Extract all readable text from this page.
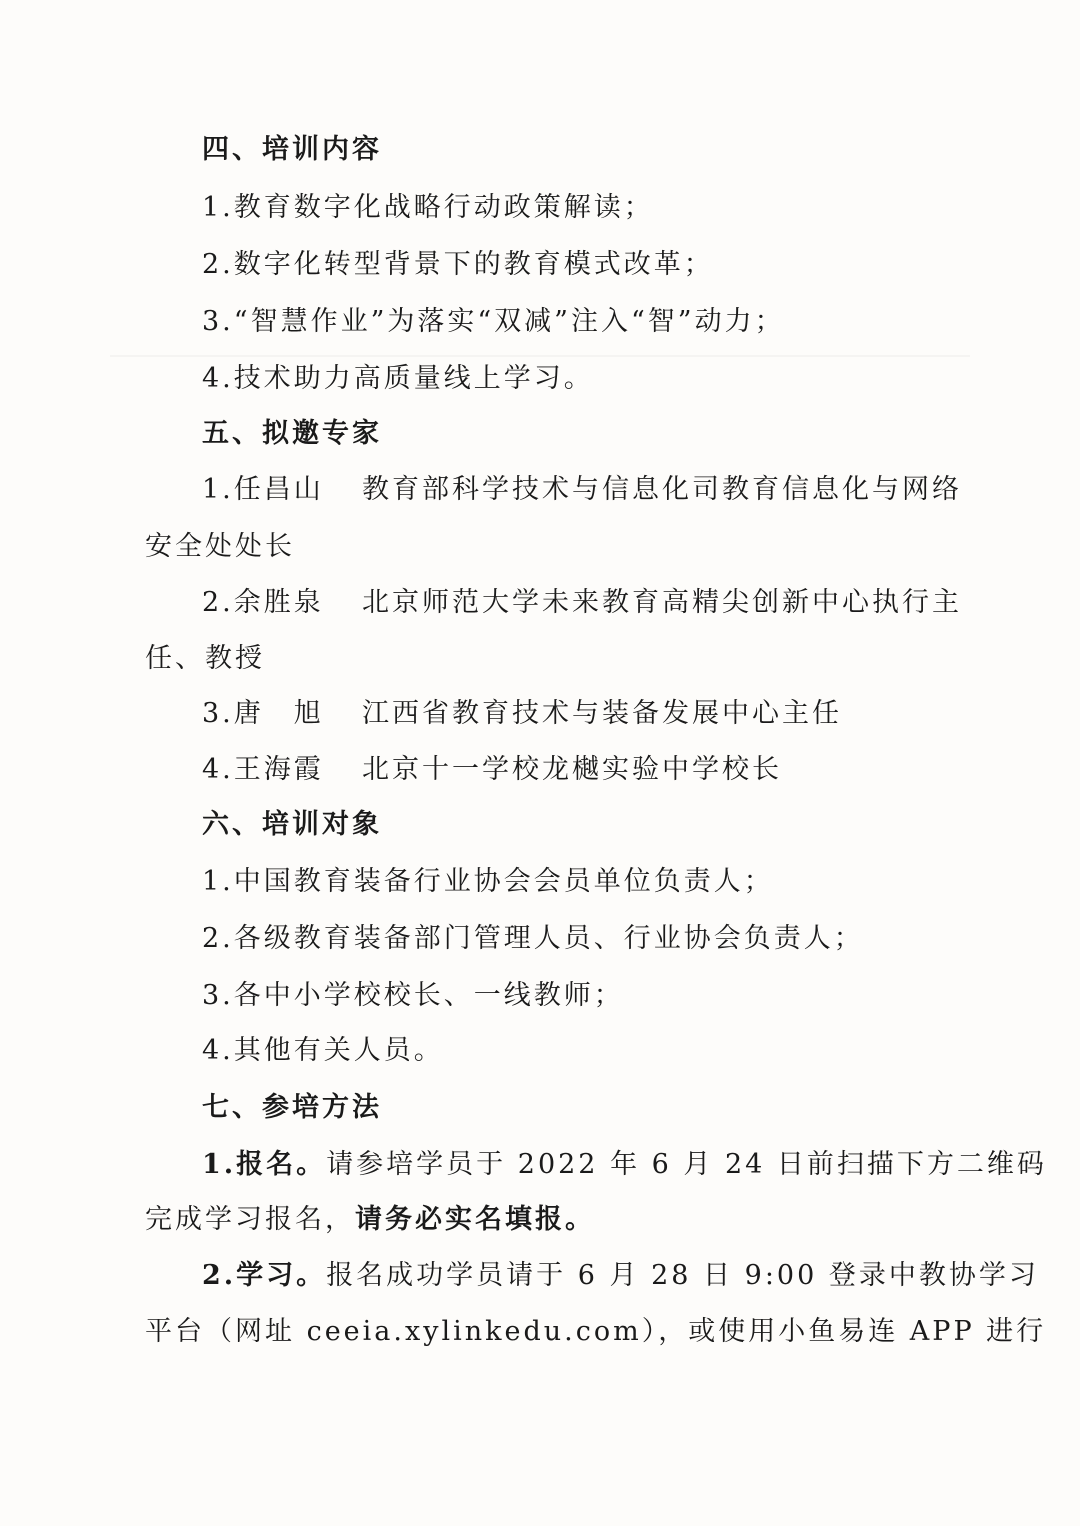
四、培训内容
1.教育数字化战略行动政策解读；
2.数字化转型背景下的教育模式改革；
3.“智慧作业”为落实“双减”注入“智”动力；
4.技术助力高质量线上学习。
五、拟邀专家
1.任昌山 教育部科学技术与信息化司教育信息化与网络
安全处处长
2.余胜泉 北京师范大学未来教育高精尖创新中心执行主
任、教授
3.唐　旭 江西省教育技术与装备发展中心主任
4.王海霞 北京十一学校龙樾实验中学校长
六、培训对象
1.中国教育装备行业协会会员单位负责人；
2.各级教育装备部门管理人员、行业协会负责人；
3.各中小学校校长、一线教师；
4.其他有关人员。
七、参培方法
1.报名。请参培学员于 2022 年 6 月 24 日前扫描下方二维码
完成学习报名，请务必实名填报。
2.学习。报名成功学员请于 6 月 28 日 9:00 登录中教协学习
平台（网址 ceeia.xylinkedu.com），或使用小鱼易连 APP 进行
